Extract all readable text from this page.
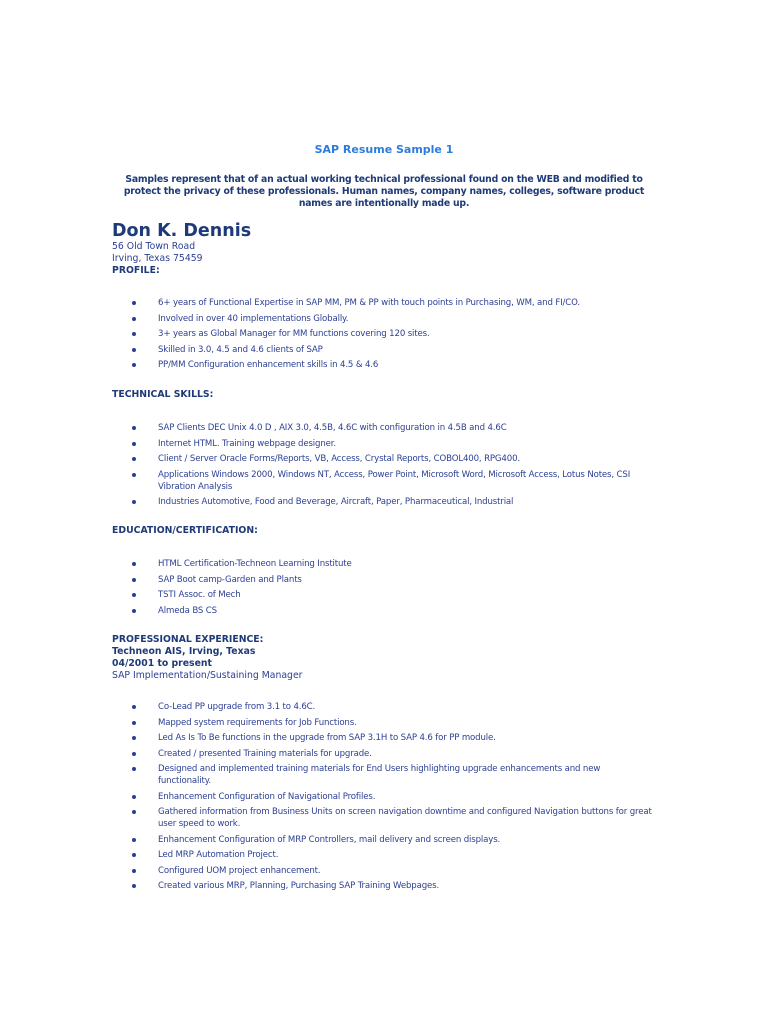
SAP Resume Sample 1
Samples represent that of an actual working technical professional found on the WEB and modified to protect the privacy of these professionals. Human names, company names, colleges, software product names are intentionally made up.
Don K. Dennis
56 Old Town Road
Irving, Texas 75459
PROFILE:
6+ years of Functional Expertise in SAP MM, PM & PP with touch points in Purchasing, WM, and FI/CO.
Involved in over 40 implementations Globally.
3+ years as Global Manager for MM functions covering 120 sites.
Skilled in 3.0, 4.5 and 4.6 clients of SAP
PP/MM Configuration enhancement skills in 4.5 & 4.6
TECHNICAL SKILLS:
SAP Clients DEC Unix 4.0 D , AIX 3.0, 4.5B, 4.6C with configuration in 4.5B and 4.6C
Internet HTML. Training webpage designer.
Client / Server Oracle Forms/Reports, VB, Access, Crystal Reports, COBOL400, RPG400.
Applications Windows 2000, Windows NT, Access, Power Point, Microsoft Word, Microsoft Access, Lotus Notes, CSI Vibration Analysis
Industries Automotive, Food and Beverage, Aircraft, Paper, Pharmaceutical, Industrial
EDUCATION/CERTIFICATION:
HTML Certification-Techneon Learning Institute
SAP Boot camp-Garden and Plants
TSTI Assoc. of Mech
Almeda BS CS
PROFESSIONAL EXPERIENCE:
Techneon AIS, Irving, Texas
04/2001 to present
SAP Implementation/Sustaining Manager
Co-Lead PP upgrade from 3.1 to 4.6C.
Mapped system requirements for Job Functions.
Led As Is To Be functions in the upgrade from SAP 3.1H to SAP 4.6 for PP module.
Created / presented Training materials for upgrade.
Designed and implemented training materials for End Users highlighting upgrade enhancements and new functionality.
Enhancement Configuration of Navigational Profiles.
Gathered information from Business Units on screen navigation downtime and configured Navigation buttons for great user speed to work.
Enhancement Configuration of MRP Controllers, mail delivery and screen displays.
Led MRP Automation Project.
Configured UOM project enhancement.
Created various MRP, Planning, Purchasing SAP Training Webpages.
